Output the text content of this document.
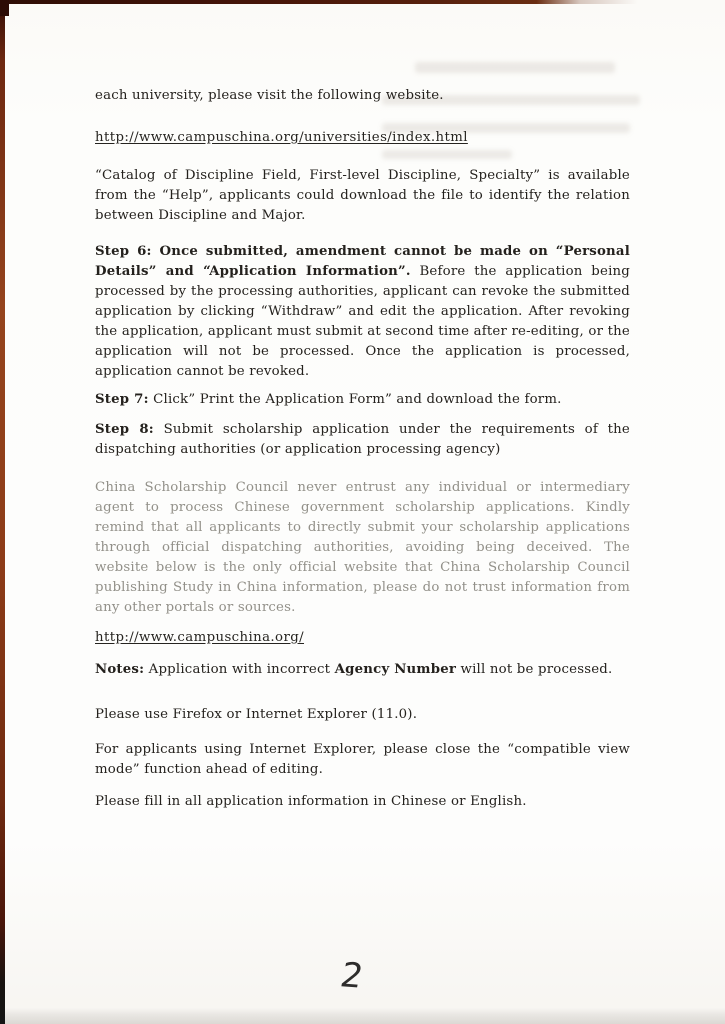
each university, please visit the following website.

http://www.campuschina.org/universities/index.html

“Catalog of Discipline Field, First-level Discipline, Specialty” is available from the “Help”, applicants could download the file to identify the relation between Discipline and Major.

Step 6: Once submitted, amendment cannot be made on “Personal Details” and “Application Information”. Before the application being processed by the processing authorities, applicant can revoke the submitted application by clicking “Withdraw” and edit the application. After revoking the application, applicant must submit at second time after re-editing, or the application will not be processed. Once the application is processed, application cannot be revoked.

Step 7: Click” Print the Application Form” and download the form.

Step 8: Submit scholarship application under the requirements of the dispatching authorities (or application processing agency)

China Scholarship Council never entrust any individual or intermediary agent to process Chinese government scholarship applications. Kindly remind that all applicants to directly submit your scholarship applications through official dispatching authorities, avoiding being deceived. The website below is the only official website that China Scholarship Council publishing Study in China information, please do not trust information from any other portals or sources.

http://www.campuschina.org/

Notes: Application with incorrect Agency Number will not be processed.

Please use Firefox or Internet Explorer (11.0).

For applicants using Internet Explorer, please close the “compatible view mode” function ahead of editing.

Please fill in all application information in Chinese or English.

2
